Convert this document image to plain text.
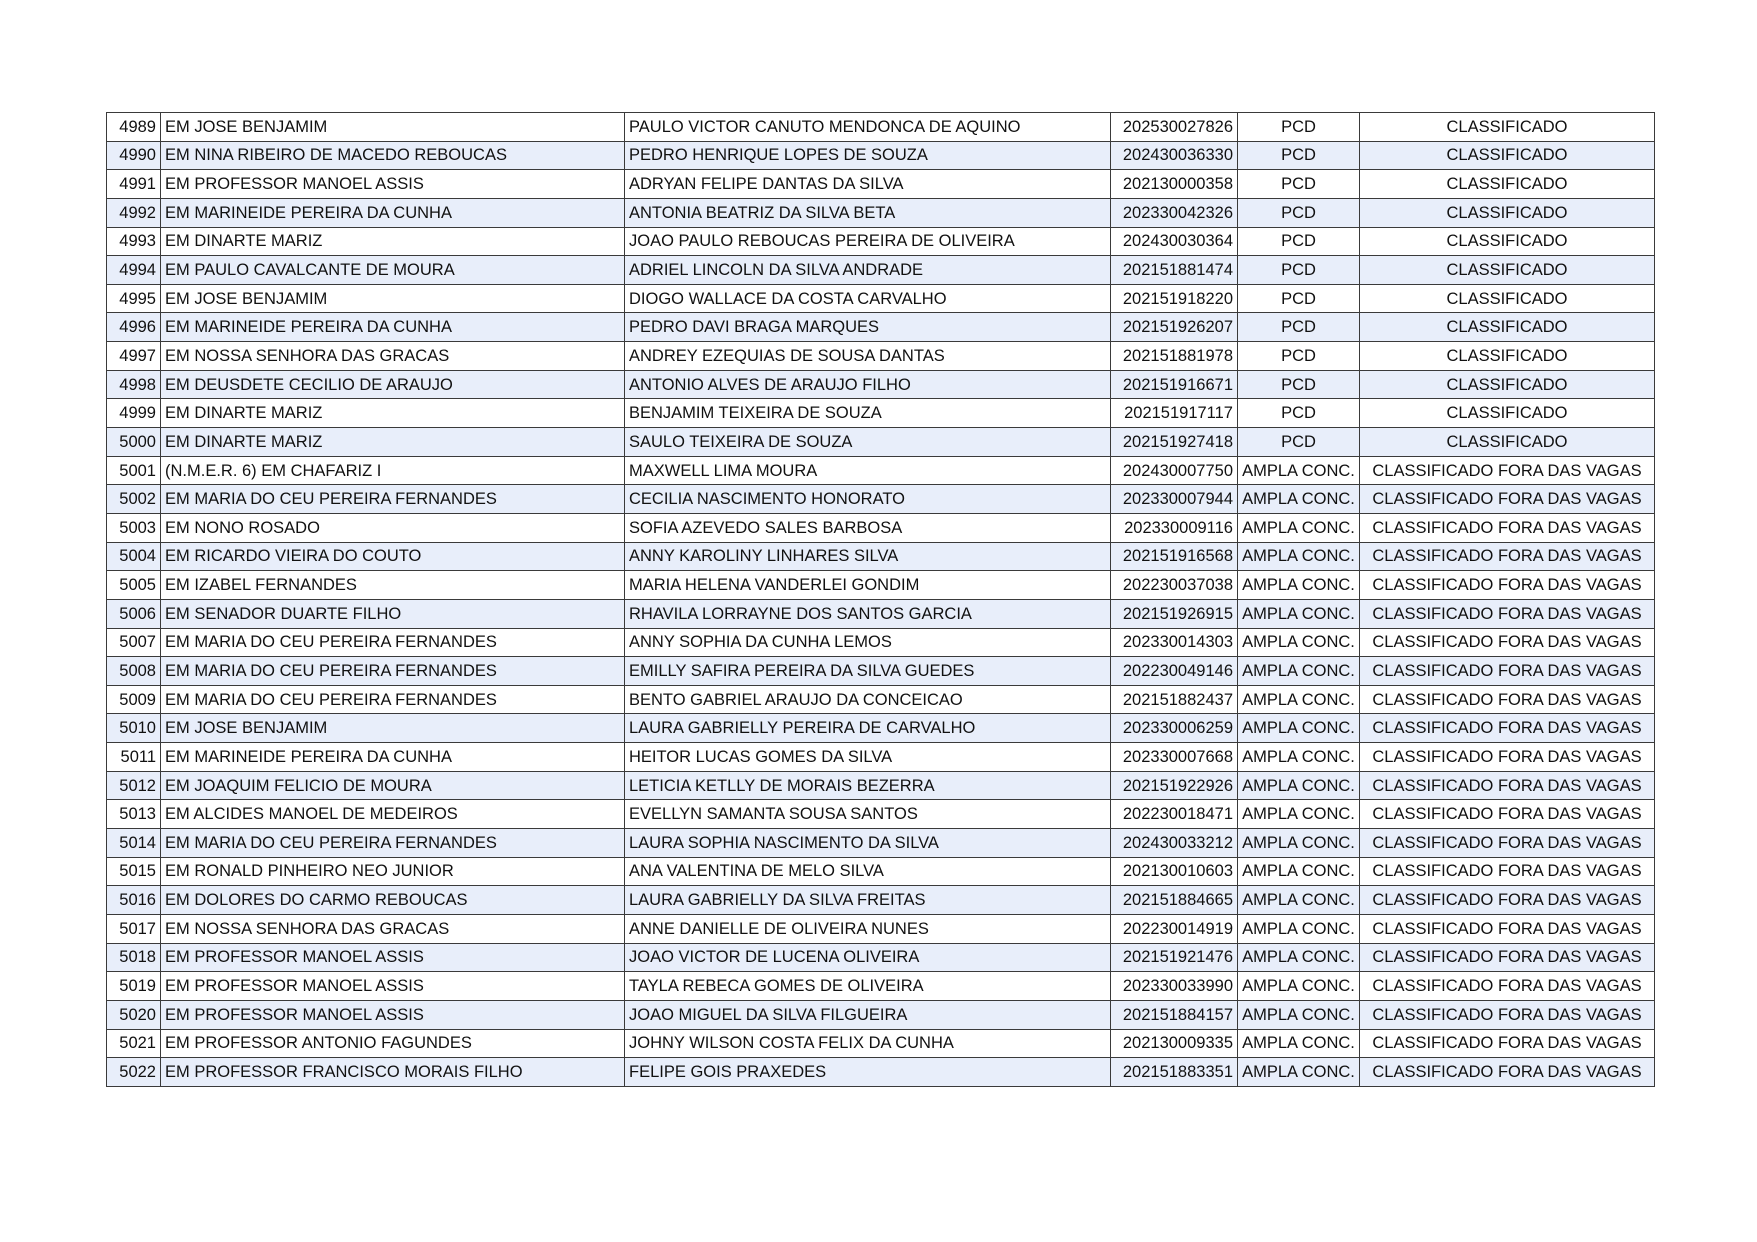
4989	EM JOSE BENJAMIM	PAULO VICTOR CANUTO MENDONCA DE AQUINO	202530027826	PCD	CLASSIFICADO
4990	EM NINA RIBEIRO DE MACEDO REBOUCAS	PEDRO HENRIQUE LOPES DE SOUZA	202430036330	PCD	CLASSIFICADO
4991	EM PROFESSOR MANOEL ASSIS	ADRYAN FELIPE DANTAS DA SILVA	202130000358	PCD	CLASSIFICADO
4992	EM MARINEIDE PEREIRA DA CUNHA	ANTONIA BEATRIZ DA SILVA BETA	202330042326	PCD	CLASSIFICADO
4993	EM DINARTE MARIZ	JOAO PAULO REBOUCAS PEREIRA DE OLIVEIRA	202430030364	PCD	CLASSIFICADO
4994	EM PAULO CAVALCANTE DE MOURA	ADRIEL LINCOLN DA SILVA ANDRADE	202151881474	PCD	CLASSIFICADO
4995	EM JOSE BENJAMIM	DIOGO WALLACE DA COSTA CARVALHO	202151918220	PCD	CLASSIFICADO
4996	EM MARINEIDE PEREIRA DA CUNHA	PEDRO DAVI BRAGA MARQUES	202151926207	PCD	CLASSIFICADO
4997	EM NOSSA SENHORA DAS GRACAS	ANDREY EZEQUIAS DE SOUSA DANTAS	202151881978	PCD	CLASSIFICADO
4998	EM DEUSDETE CECILIO DE ARAUJO	ANTONIO ALVES DE ARAUJO FILHO	202151916671	PCD	CLASSIFICADO
4999	EM DINARTE MARIZ	BENJAMIM TEIXEIRA DE SOUZA	202151917117	PCD	CLASSIFICADO
5000	EM DINARTE MARIZ	SAULO TEIXEIRA DE SOUZA	202151927418	PCD	CLASSIFICADO
5001	(N.M.E.R. 6) EM CHAFARIZ I	MAXWELL LIMA MOURA	202430007750	AMPLA CONC.	CLASSIFICADO FORA DAS VAGAS
5002	EM MARIA DO CEU PEREIRA FERNANDES	CECILIA NASCIMENTO HONORATO	202330007944	AMPLA CONC.	CLASSIFICADO FORA DAS VAGAS
5003	EM NONO ROSADO	SOFIA AZEVEDO SALES BARBOSA	202330009116	AMPLA CONC.	CLASSIFICADO FORA DAS VAGAS
5004	EM RICARDO VIEIRA DO COUTO	ANNY KAROLINY LINHARES SILVA	202151916568	AMPLA CONC.	CLASSIFICADO FORA DAS VAGAS
5005	EM IZABEL FERNANDES	MARIA HELENA VANDERLEI GONDIM	202230037038	AMPLA CONC.	CLASSIFICADO FORA DAS VAGAS
5006	EM SENADOR DUARTE FILHO	RHAVILA LORRAYNE DOS SANTOS GARCIA	202151926915	AMPLA CONC.	CLASSIFICADO FORA DAS VAGAS
5007	EM MARIA DO CEU PEREIRA FERNANDES	ANNY SOPHIA DA CUNHA LEMOS	202330014303	AMPLA CONC.	CLASSIFICADO FORA DAS VAGAS
5008	EM MARIA DO CEU PEREIRA FERNANDES	EMILLY SAFIRA PEREIRA DA SILVA GUEDES	202230049146	AMPLA CONC.	CLASSIFICADO FORA DAS VAGAS
5009	EM MARIA DO CEU PEREIRA FERNANDES	BENTO GABRIEL ARAUJO DA CONCEICAO	202151882437	AMPLA CONC.	CLASSIFICADO FORA DAS VAGAS
5010	EM JOSE BENJAMIM	LAURA GABRIELLY PEREIRA DE CARVALHO	202330006259	AMPLA CONC.	CLASSIFICADO FORA DAS VAGAS
5011	EM MARINEIDE PEREIRA DA CUNHA	HEITOR LUCAS GOMES DA SILVA	202330007668	AMPLA CONC.	CLASSIFICADO FORA DAS VAGAS
5012	EM JOAQUIM FELICIO DE MOURA	LETICIA KETLLY DE MORAIS BEZERRA	202151922926	AMPLA CONC.	CLASSIFICADO FORA DAS VAGAS
5013	EM ALCIDES MANOEL DE MEDEIROS	EVELLYN SAMANTA SOUSA SANTOS	202230018471	AMPLA CONC.	CLASSIFICADO FORA DAS VAGAS
5014	EM MARIA DO CEU PEREIRA FERNANDES	LAURA SOPHIA NASCIMENTO DA SILVA	202430033212	AMPLA CONC.	CLASSIFICADO FORA DAS VAGAS
5015	EM RONALD PINHEIRO NEO JUNIOR	ANA VALENTINA DE MELO SILVA	202130010603	AMPLA CONC.	CLASSIFICADO FORA DAS VAGAS
5016	EM DOLORES DO CARMO REBOUCAS	LAURA GABRIELLY DA SILVA FREITAS	202151884665	AMPLA CONC.	CLASSIFICADO FORA DAS VAGAS
5017	EM NOSSA SENHORA DAS GRACAS	ANNE DANIELLE DE OLIVEIRA NUNES	202230014919	AMPLA CONC.	CLASSIFICADO FORA DAS VAGAS
5018	EM PROFESSOR MANOEL ASSIS	JOAO VICTOR DE LUCENA OLIVEIRA	202151921476	AMPLA CONC.	CLASSIFICADO FORA DAS VAGAS
5019	EM PROFESSOR MANOEL ASSIS	TAYLA REBECA GOMES DE OLIVEIRA	202330033990	AMPLA CONC.	CLASSIFICADO FORA DAS VAGAS
5020	EM PROFESSOR MANOEL ASSIS	JOAO MIGUEL DA SILVA FILGUEIRA	202151884157	AMPLA CONC.	CLASSIFICADO FORA DAS VAGAS
5021	EM PROFESSOR ANTONIO FAGUNDES	JOHNY WILSON COSTA FELIX DA CUNHA	202130009335	AMPLA CONC.	CLASSIFICADO FORA DAS VAGAS
5022	EM PROFESSOR FRANCISCO MORAIS FILHO	FELIPE GOIS PRAXEDES	202151883351	AMPLA CONC.	CLASSIFICADO FORA DAS VAGAS
